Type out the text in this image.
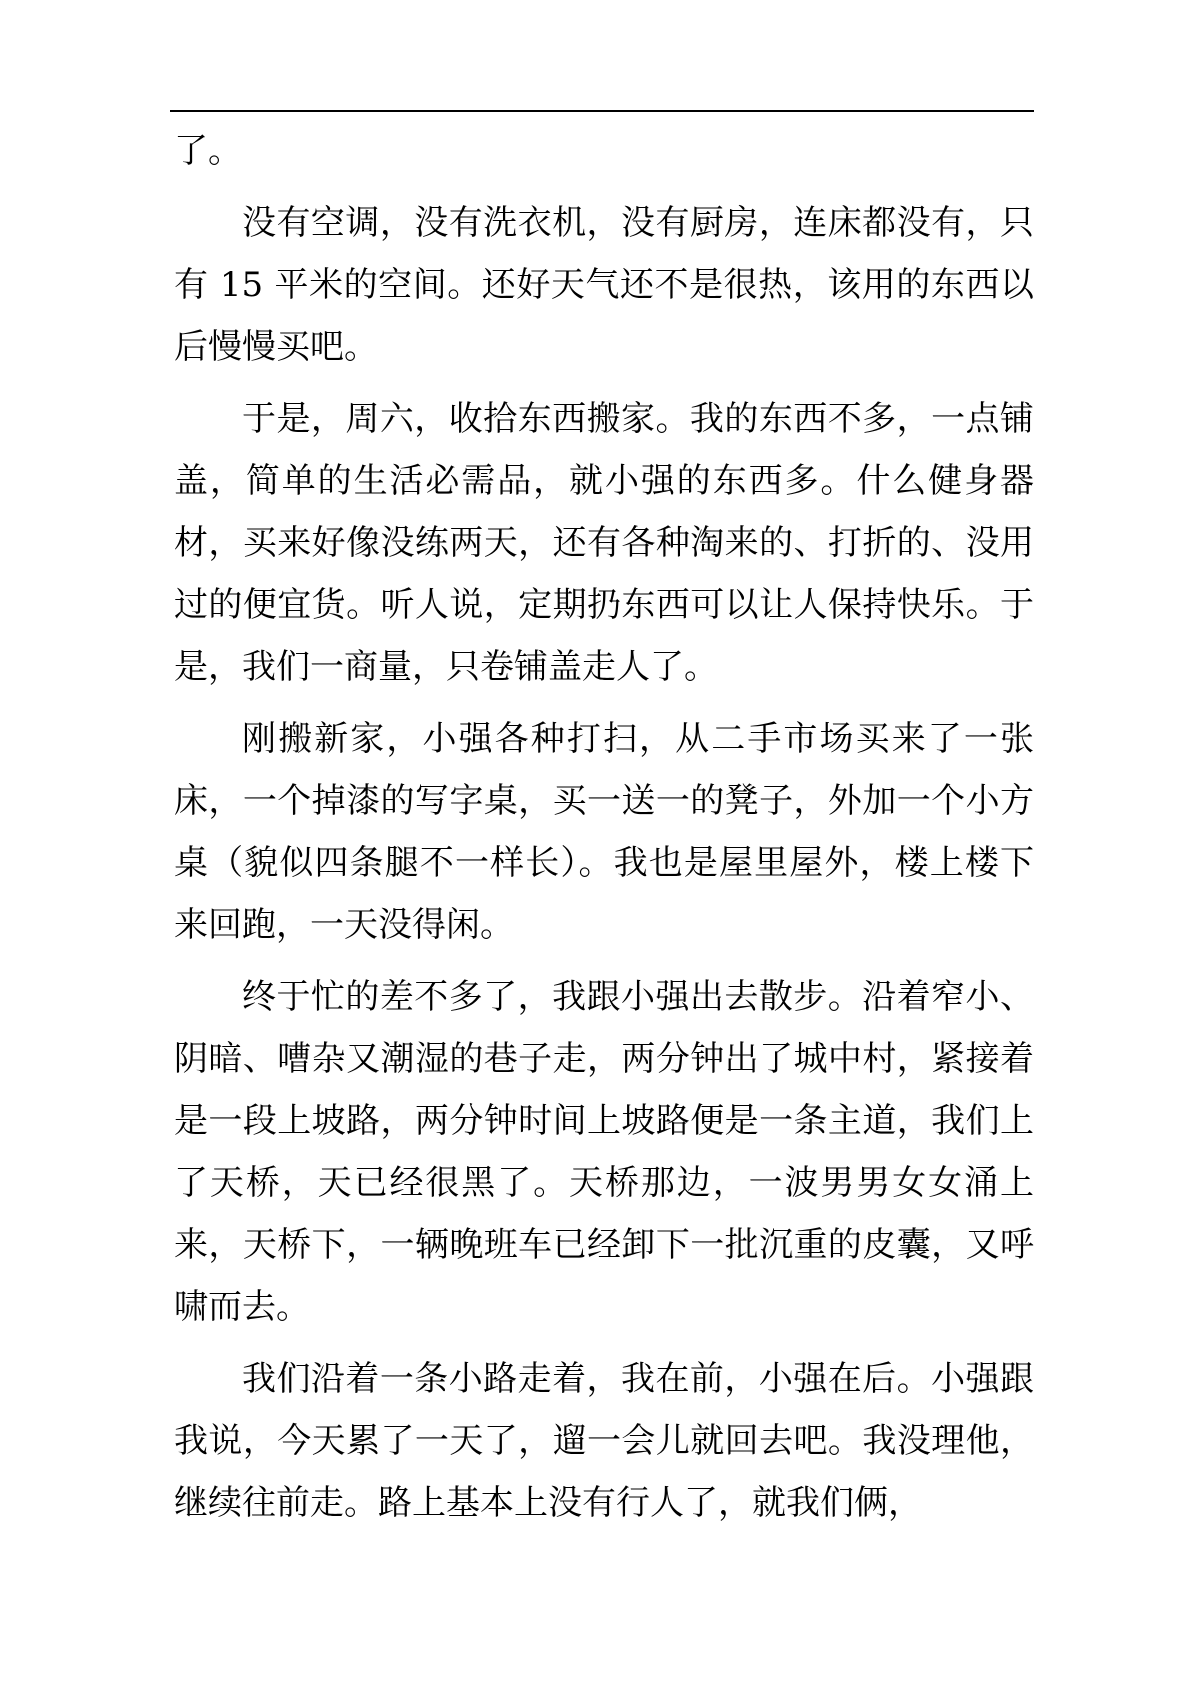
了。

没有空调，没有洗衣机，没有厨房，连床都没有，只有 15 平米的空间。还好天气还不是很热，该用的东西以后慢慢买吧。

于是，周六，收拾东西搬家。我的东西不多，一点铺盖，简单的生活必需品，就小强的东西多。什么健身器材，买来好像没练两天，还有各种淘来的、打折的、没用过的便宜货。听人说，定期扔东西可以让人保持快乐。于是，我们一商量，只卷铺盖走人了。

刚搬新家，小强各种打扫，从二手市场买来了一张床，一个掉漆的写字桌，买一送一的凳子，外加一个小方桌（貌似四条腿不一样长）。我也是屋里屋外，楼上楼下来回跑，一天没得闲。

终于忙的差不多了，我跟小强出去散步。沿着窄小、阴暗、嘈杂又潮湿的巷子走，两分钟出了城中村，紧接着是一段上坡路，两分钟时间上坡路便是一条主道，我们上了天桥，天已经很黑了。天桥那边，一波男男女女涌上来，天桥下，一辆晚班车已经卸下一批沉重的皮囊，又呼啸而去。

我们沿着一条小路走着，我在前，小强在后。小强跟我说，今天累了一天了，遛一会儿就回去吧。我没理他，继续往前走。路上基本上没有行人了，就我们俩，
